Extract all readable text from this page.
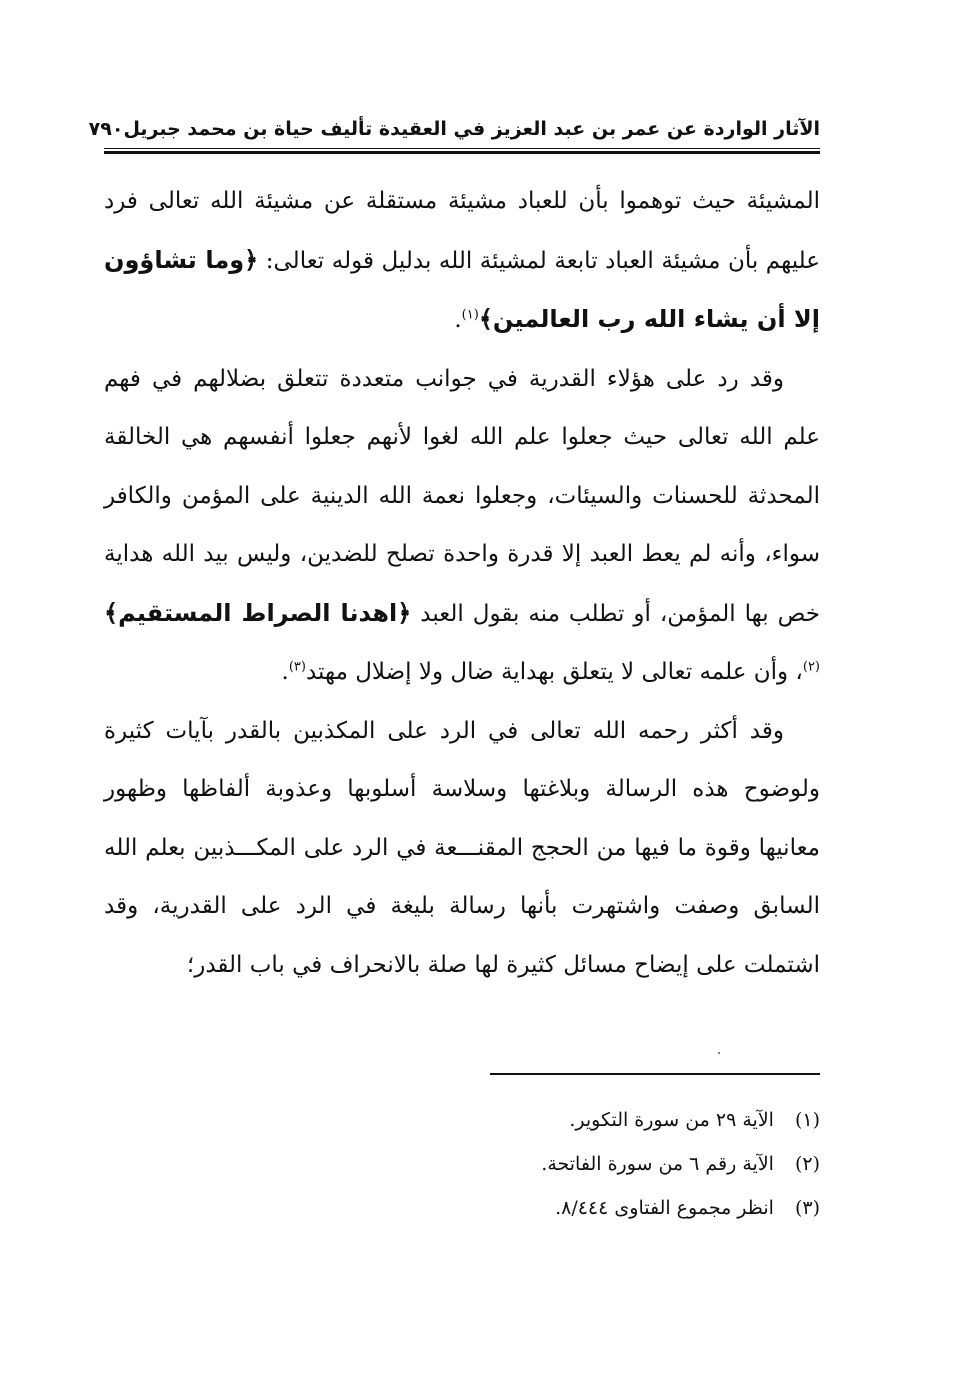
الآثار الواردة عن عمر بن عبد العزيز في العقيدة تأليف حياة بن محمد جبريل
٧٩٠

المشيئة حيث توهموا بأن للعباد مشيئة مستقلة عن مشيئة الله تعالى فرد عليهم بأن مشيئة العباد تابعة لمشيئة الله بدليل قوله تعالى: ﴿وما تشاؤون إلا أن يشاء الله رب العالمين﴾$^{(١)}$.

وقد رد على هؤلاء القدرية في جوانب متعددة تتعلق بضلالهم في فهم علم الله تعالى حيث جعلوا علم الله لغوا لأنهم جعلوا أنفسهم هي الخالقة المحدثة للحسنات والسيئات، وجعلوا نعمة الله الدينية على المؤمن والكافر سواء، وأنه لم يعط العبد إلا قدرة واحدة تصلح للضدين، وليس بيد الله هداية خص بها المؤمن، أو تطلب منه بقول العبد ﴿اهدنا الصراط المستقيم﴾$^{(٢)}$، وأن علمه تعالى لا يتعلق بهداية ضال ولا إضلال مهتد$^{(٣)}$.

وقد أكثر رحمه الله تعالى في الرد على المكذبين بالقدر بآيات كثيرة ولوضوح هذه الرسالة وبلاغتها وسلاسة أسلوبها وعذوبة ألفاظها وظهور معانيها وقوة ما فيها من الحجج المقنـــعة في الرد على المكـــذبين بعلم الله السابق وصفت واشتهرت بأنها رسالة بليغة في الرد على القدرية، وقد اشتملت على إيضاح مسائل كثيرة لها صلة بالانحراف في باب القدر؛

(١) الآية ٢٩ من سورة التكوير.
(٢) الآية رقم ٦ من سورة الفاتحة.
(٣) انظر مجموع الفتاوى ٨/٤٤٤.
